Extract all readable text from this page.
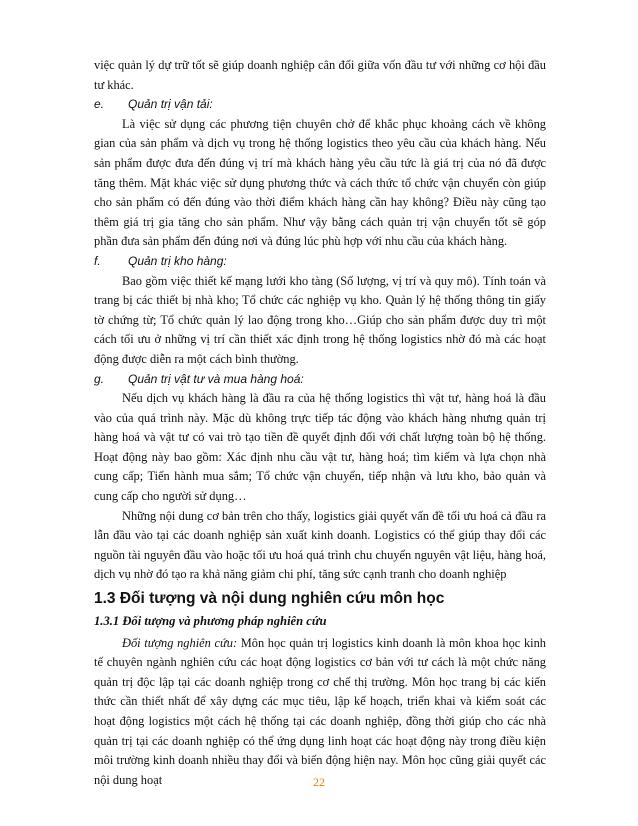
việc quản lý dự trữ tốt sẽ giúp doanh nghiệp cân đối giữa vốn đầu tư với những cơ hội đầu tư khác.

e.	Quản trị vận tải:

Là việc sử dụng các phương tiện chuyên chở để khắc phục khoảng cách về không gian của sản phẩm và dịch vụ trong hệ thống logistics theo yêu cầu của khách hàng. Nếu sản phẩm được đưa đến đúng vị trí mà khách hàng yêu cầu tức là giá trị của nó đã được tăng thêm. Mặt khác việc sử dụng phương thức và cách thức tổ chức vận chuyển còn giúp cho sản phẩm có đến đúng vào thời điểm khách hàng cần hay không? Điều này cũng tạo thêm giá trị gia tăng cho sản phẩm. Như vậy bằng cách quản trị vận chuyển tốt sẽ góp phần đưa sản phẩm đến đúng nơi và đúng lúc phù hợp với nhu cầu của khách hàng.

f.	Quản trị kho hàng:

Bao gồm việc thiết kế mạng lưới kho tàng (Số lượng, vị trí và quy mô). Tính toán và trang bị các thiết bị nhà kho; Tổ chức các nghiệp vụ kho. Quản lý hệ thống thông tin giấy tờ chứng từ; Tổ chức quản lý lao động trong kho…Giúp cho sản phẩm được duy trì một cách tối ưu ở những vị trí cần thiết xác định trong hệ thống logistics nhờ đó mà các hoạt động được diễn ra một cách bình thường.

g.	Quản trị vật tư và mua hàng hoá:

Nếu dịch vụ khách hàng là đầu ra của hệ thống logistics thì vật tư, hàng hoá là đầu vào của quá trình này. Mặc dù không trực tiếp tác động vào khách hàng nhưng quản trị hàng hoá và vật tư có vai trò tạo tiền đề quyết định đối với chất lượng toàn bộ hệ thống. Hoạt động này bao gồm: Xác định nhu cầu vật tư, hàng hoá; tìm kiếm và lựa chọn nhà cung cấp; Tiến hành mua sắm; Tổ chức vận chuyển, tiếp nhận và lưu kho, bảo quản và cung cấp cho người sử dụng…

Những nội dung cơ bản trên cho thấy, logistics giải quyết vấn đề tối ưu hoá cả đầu ra lẫn đầu vào tại các doanh nghiệp sản xuất kinh doanh. Logistics có thể giúp thay đổi các nguồn tài nguyên đầu vào hoặc tối ưu hoá quá trình chu chuyển nguyên vật liệu, hàng hoá, dịch vụ nhờ đó tạo ra khả năng giảm chi phí, tăng sức cạnh tranh cho doanh nghiệp

1.3 Đối tượng và nội dung nghiên cứu môn học
1.3.1 Đối tượng và phương pháp nghiên cứu

Đối tượng nghiên cứu: Môn học quản trị logistics kinh doanh là môn khoa học kinh tế chuyên ngành nghiên cứu các hoạt động logistics cơ bản với tư cách là một chức năng quản trị độc lập tại các doanh nghiệp trong cơ chế thị trường. Môn học trang bị các kiến thức cần thiết nhất để xây dựng các mục tiêu, lập kế hoạch, triển khai và kiểm soát các hoạt động logistics một cách hệ thống tại các doanh nghiệp, đồng thời giúp cho các nhà quản trị tại các doanh nghiệp có thể ứng dụng linh hoạt các hoạt động này trong điều kiện môi trường kinh doanh nhiều thay đổi và biến động hiện nay. Môn học cũng giải quyết các nội dung hoạt	22
